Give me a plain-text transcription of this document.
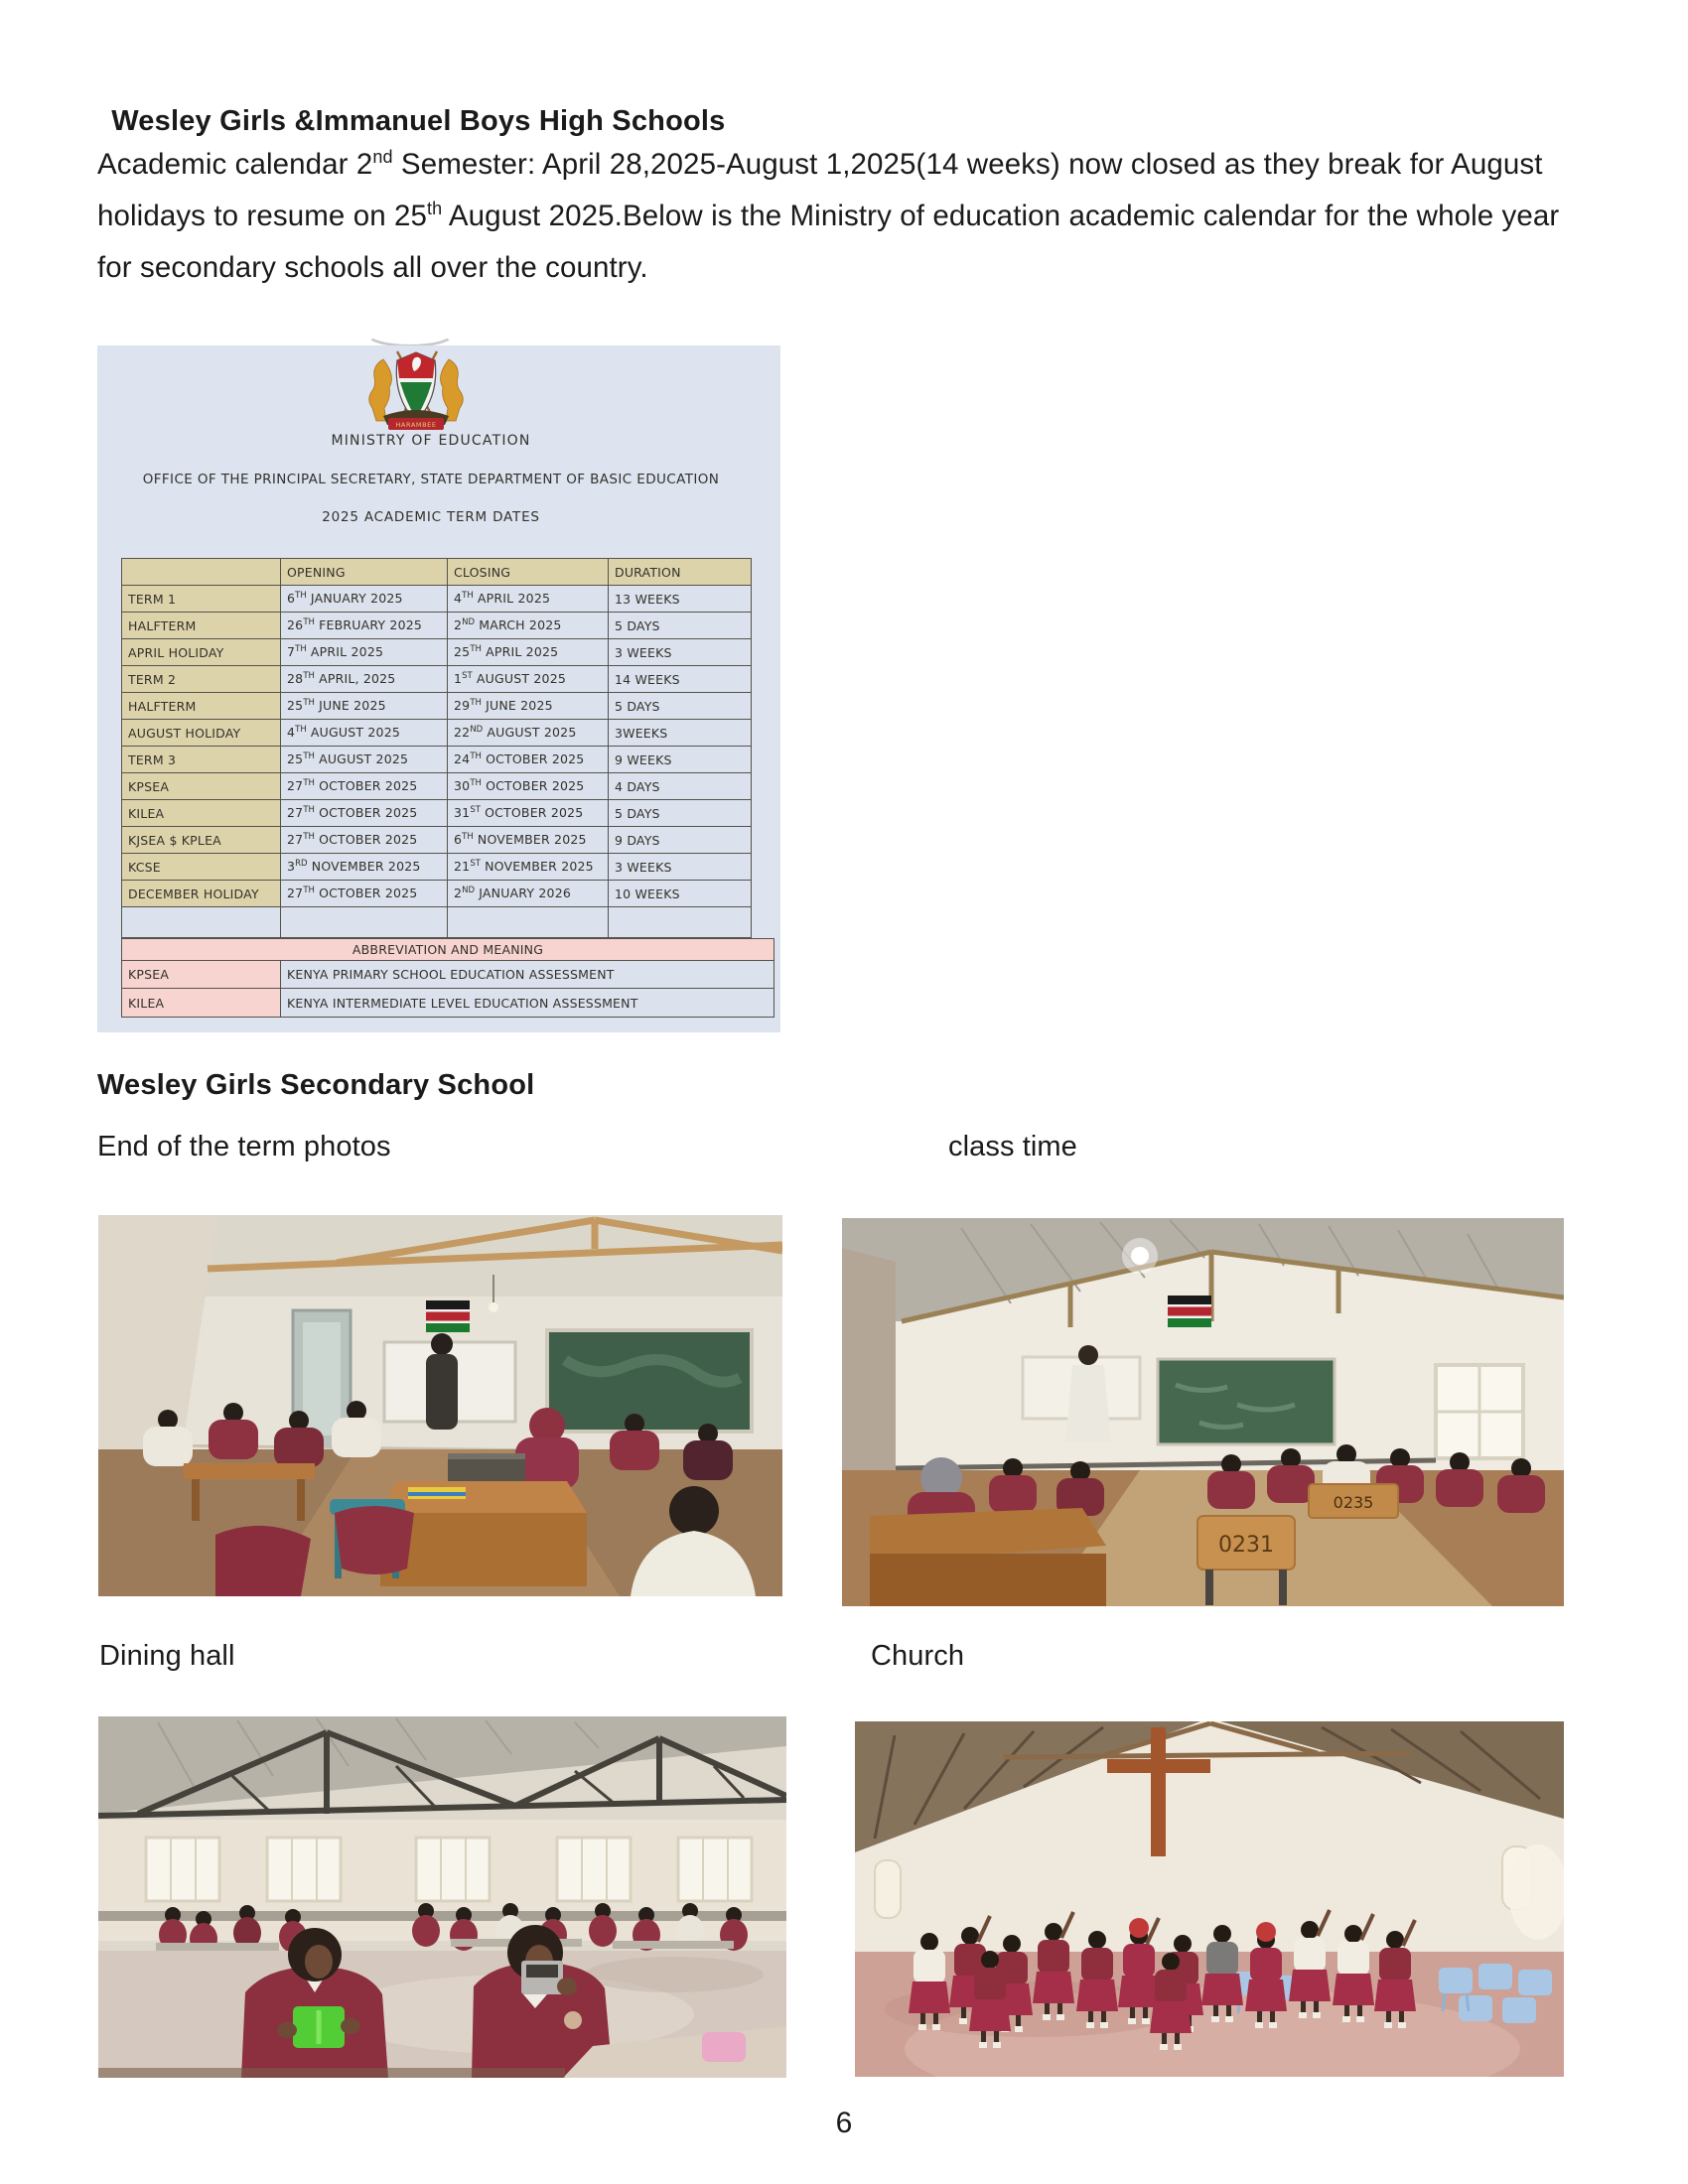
Wesley Girls &Immanuel Boys High Schools

Academic calendar 2nd Semester: April 28,2025-August 1,2025(14 weeks) now closed as they break for August holidays to resume on 25th August 2025.Below is the Ministry of education academic calendar for the whole year for secondary schools all over the country.

HARAMBEE
MINISTRY OF EDUCATION
OFFICE OF THE PRINCIPAL SECRETARY, STATE DEPARTMENT OF BASIC EDUCATION
2025 ACADEMIC TERM DATES
	OPENING	CLOSING	DURATION
TERM 1	6TH JANUARY 2025	4TH APRIL 2025	13 WEEKS
HALFTERM	26TH FEBRUARY 2025	2ND MARCH 2025	5 DAYS
APRIL HOLIDAY	7TH APRIL 2025	25TH APRIL 2025	3 WEEKS
TERM 2	28TH APRIL, 2025	1ST AUGUST 2025	14 WEEKS
HALFTERM	25TH JUNE 2025	29TH JUNE 2025	5 DAYS
AUGUST HOLIDAY	4TH AUGUST 2025	22ND AUGUST 2025	3WEEKS
TERM 3	25TH AUGUST 2025	24TH OCTOBER 2025	9 WEEKS
KPSEA	27TH OCTOBER 2025	30TH OCTOBER 2025	4 DAYS
KILEA	27TH OCTOBER 2025	31ST OCTOBER 2025	5 DAYS
KJSEA $ KPLEA	27TH OCTOBER 2025	6TH NOVEMBER 2025	9 DAYS
KCSE	3RD NOVEMBER 2025	21ST NOVEMBER 2025	3 WEEKS
DECEMBER HOLIDAY	27TH OCTOBER 2025	2ND JANUARY 2026	10 WEEKS

ABBREVIATION AND MEANING	
KPSEA	KENYA PRIMARY SCHOOL EDUCATION ASSESSMENT
KILEA	KENYA INTERMEDIATE LEVEL EDUCATION ASSESSMENT
Wesley Girls Secondary School
End of the term photos	class time
0235
0231
Dining hall	Church
6
